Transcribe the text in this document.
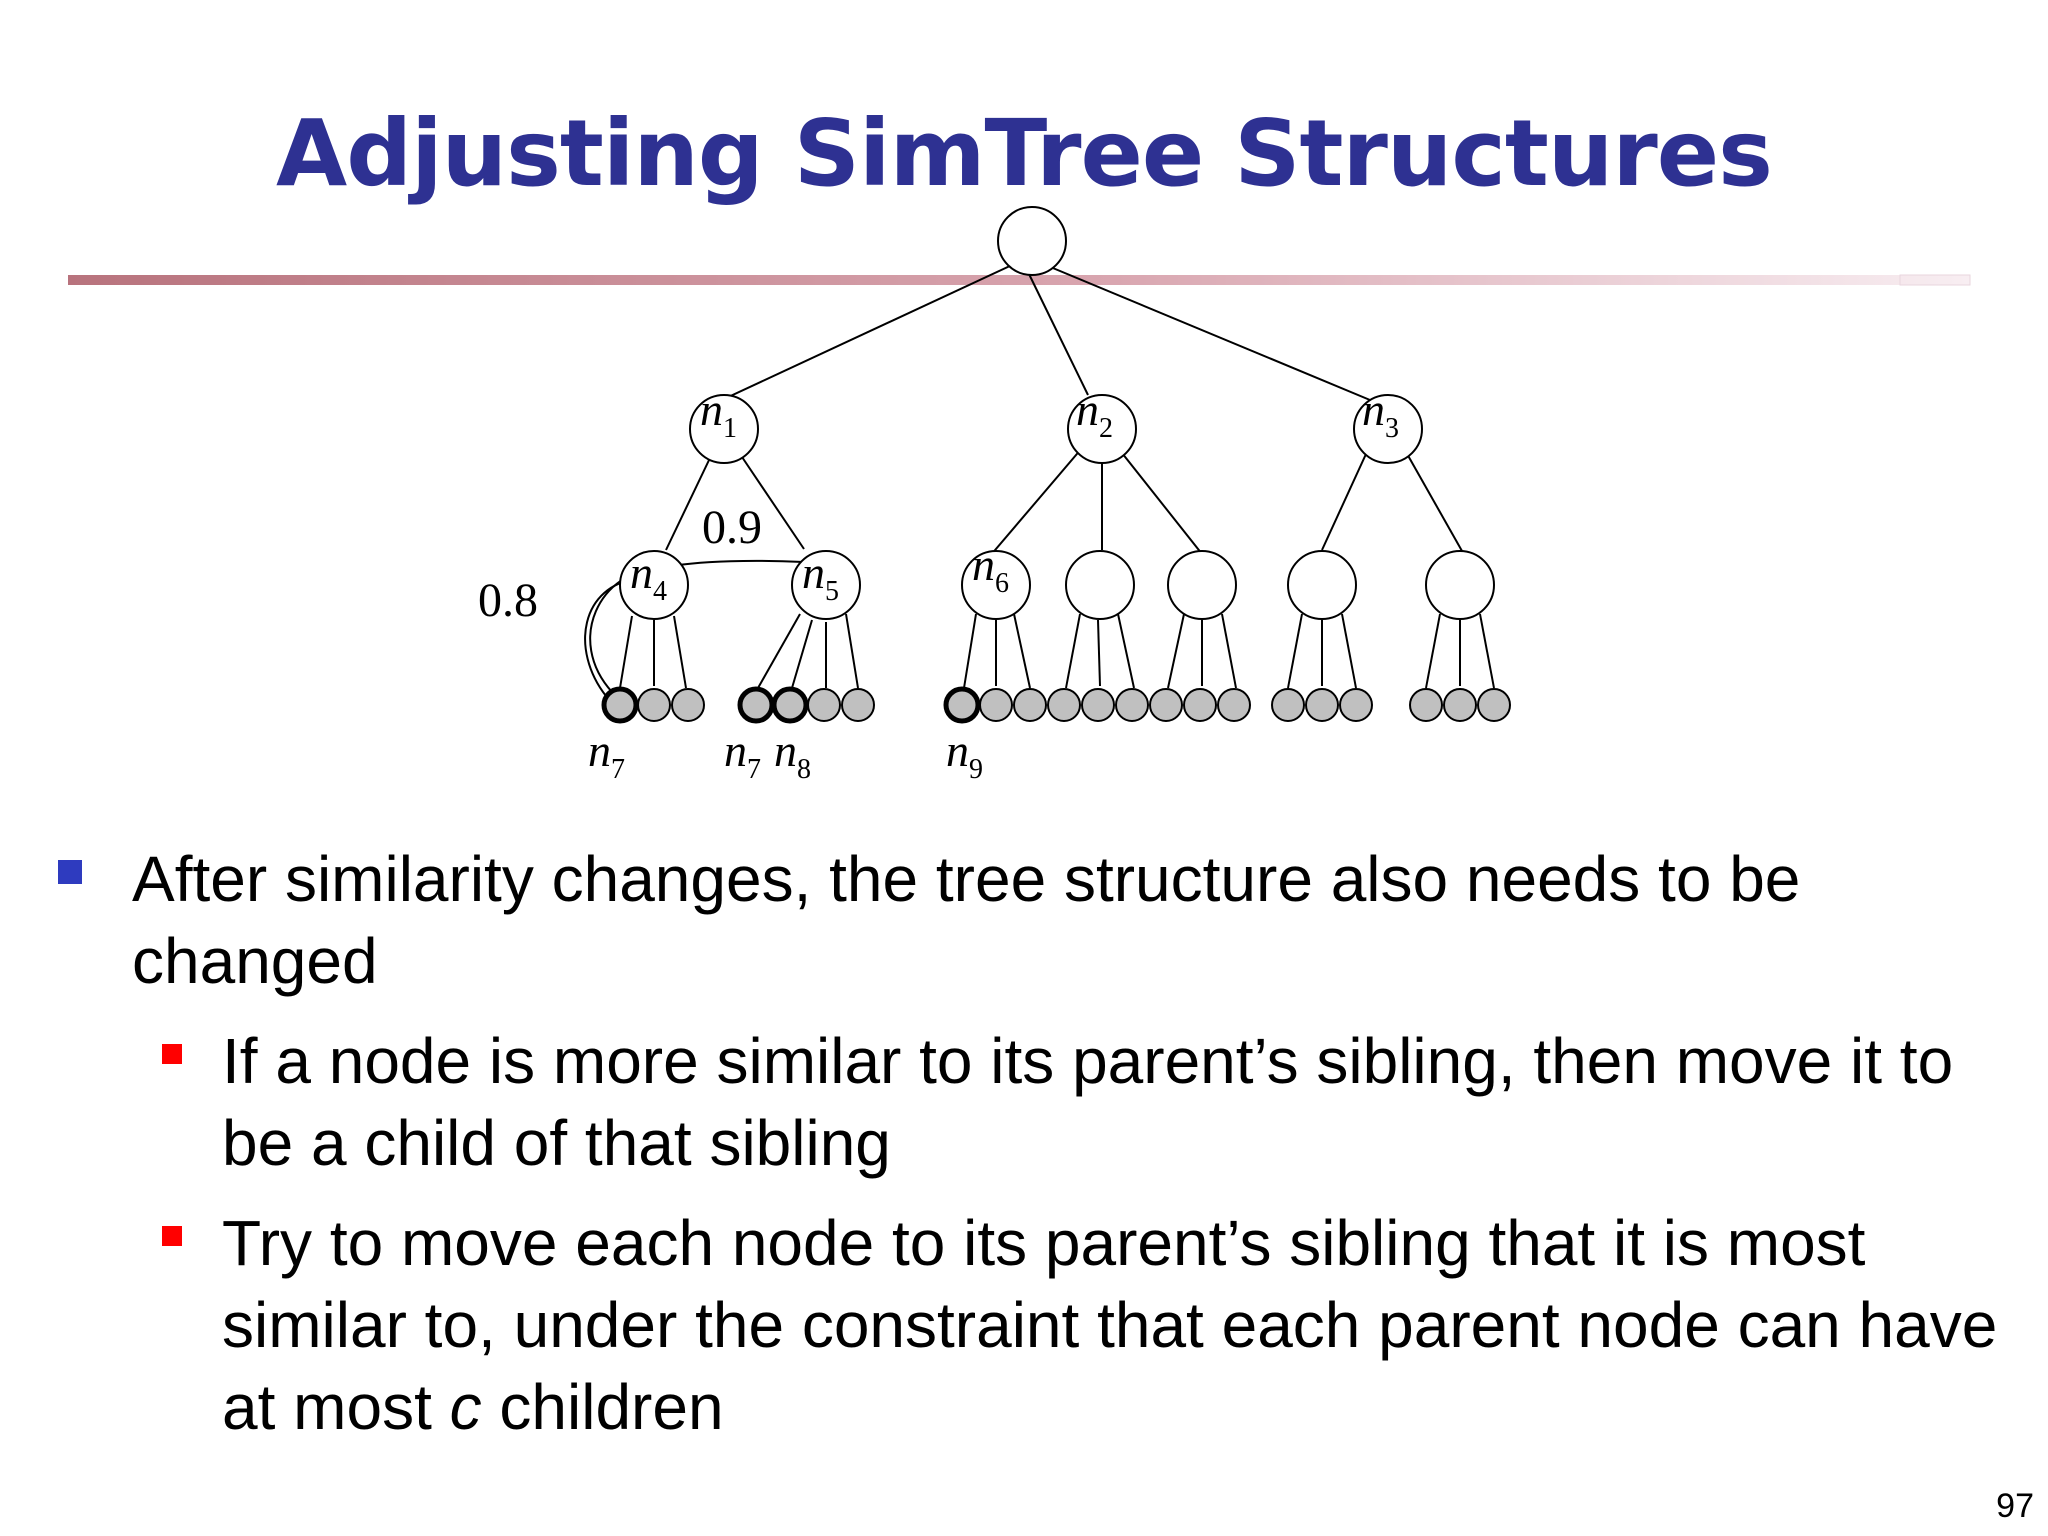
Adjusting SimTree Structures
n1	n2	n3
n4	n5
n6
n7 n7 n8	n9
0.9
0.8
After similarity changes, the tree structure also needs to be changed
If a node is more similar to its parent’s sibling, then move it to be a child of that sibling
Try to move each node to its parent’s sibling that it is most similar to, under the constraint that each parent node can have at most c children
97
